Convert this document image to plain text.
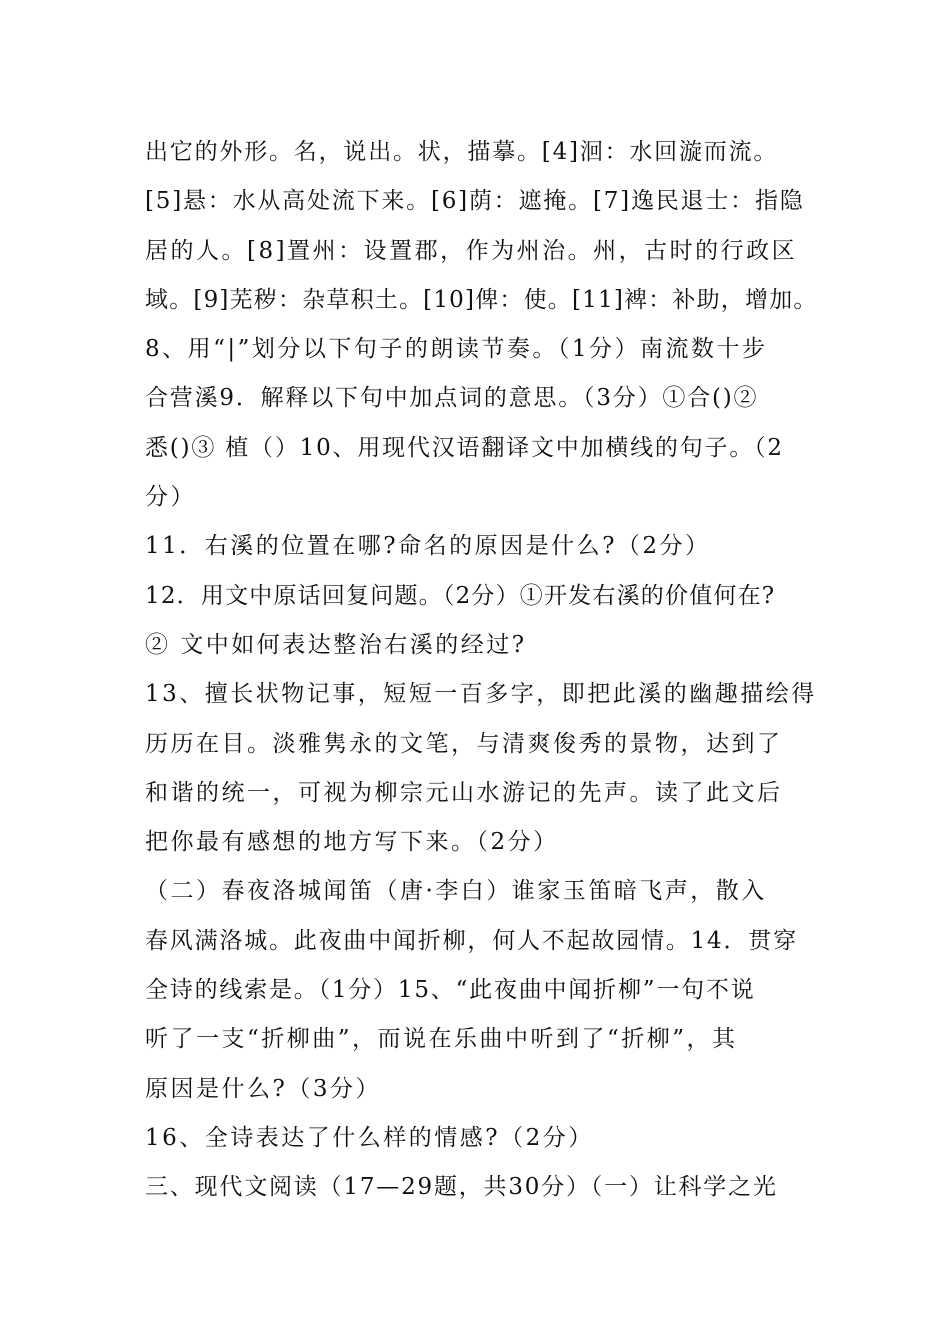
出它的外形。名，说出。状，描摹。[4]洄：水回漩而流。
[5]悬：水从高处流下来。[6]荫：遮掩。[7]逸民退士：指隐
居的人。[8]置州：设置郡，作为州治。州，古时的行政区
域。[9]芜秽：杂草积土。[10]俾：使。[11]裨：补助，增加。
8、用“|”划分以下句子的朗读节奏。（1分）南流数十步
合营溪9．解释以下句中加点词的意思。（3分）①合()②
悉()③ 植（）10、用现代汉语翻译文中加横线的句子。（2
分）
11．右溪的位置在哪?命名的原因是什么?（2分）
12．用文中原话回复问题。（2分）①开发右溪的价值何在?
② 文中如何表达整治右溪的经过?
13、擅长状物记事，短短一百多字，即把此溪的幽趣描绘得
历历在目。淡雅隽永的文笔，与清爽俊秀的景物，达到了
和谐的统一，可视为柳宗元山水游记的先声。读了此文后
把你最有感想的地方写下来。（2分）
（二）春夜洛城闻笛（唐·李白）谁家玉笛暗飞声，散入
春风满洛城。此夜曲中闻折柳，何人不起故园情。14．贯穿
全诗的线索是。（1分）15、“此夜曲中闻折柳”一句不说
听了一支“折柳曲”，而说在乐曲中听到了“折柳”，其
原因是什么?（3分）
16、全诗表达了什么样的情感?（2分）
三、现代文阅读（17—29题，共30分）（一）让科学之光
